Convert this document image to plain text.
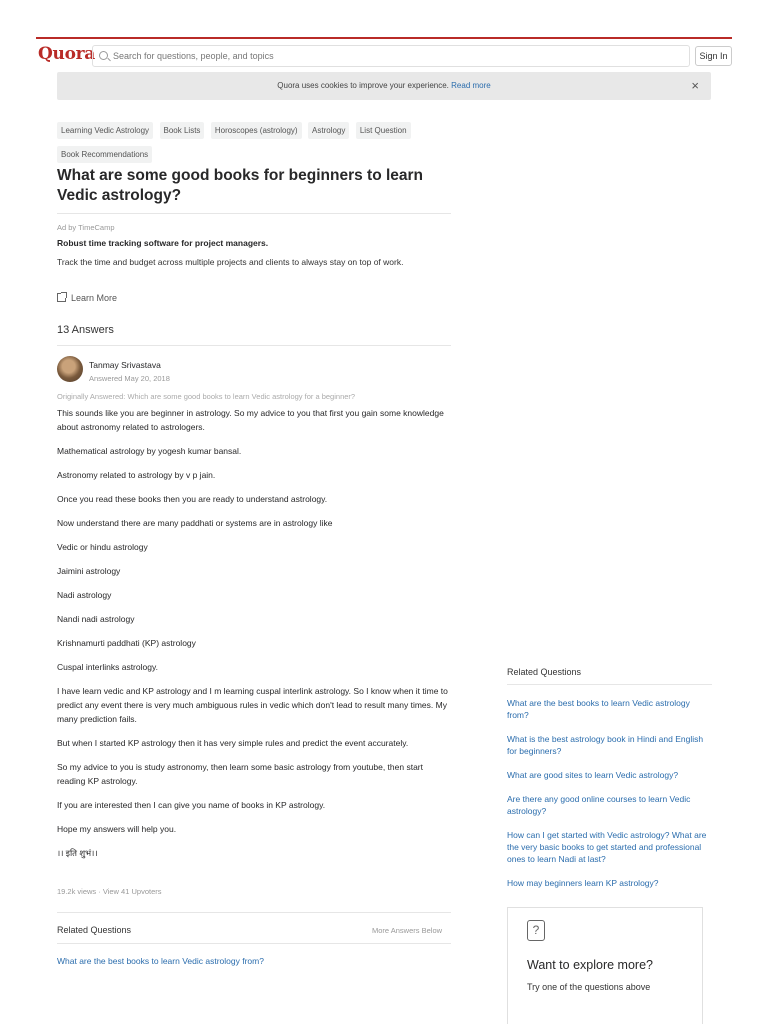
Quora
Search for questions, people, and topics	Sign In
Quora uses cookies to improve your experience. Read more	×
Learning Vedic Astrology Book Lists Horoscopes (astrology) Astrology List Question Book Recommendations
What are some good books for beginners to learn Vedic astrology?
Ad by TimeCamp
Robust time tracking software for project managers.
Track the time and budget across multiple projects and clients to always stay on top of work.
Learn More
13 Answers
Tanmay Srivastava
Answered May 20, 2018
Originally Answered: Which are some good books to learn Vedic astrology for a beginner?

This sounds like you are beginner in astrology. So my advice to you that first you gain some knowledge about astronomy related to astrologers.

Mathematical astrology by yogesh kumar bansal.

Astronomy related to astrology by v p jain.

Once you read these books then you are ready to understand astrology.

Now understand there are many paddhati or systems are in astrology like

Vedic or hindu astrology

Jaimini astrology

Nadi astrology

Nandi nadi astrology

Krishnamurti paddhati (KP) astrology

Cuspal interlinks astrology.

I have learn vedic and KP astrology and I m learning cuspal interlink astrology. So I know when it time to predict any event there is very much ambiguous rules in vedic which don't lead to result many times. My many prediction fails.

But when I started KP astrology then it has very simple rules and predict the event accurately.

So my advice to you is study astronomy, then learn some basic astrology from youtube, then start reading KP astrology.

If you are interested then I can give you name of books in KP astrology.

Hope my answers will help you.

।। इति शुभं।।

19.2k views · View 41 Upvoters
Related Questions	More Answers Below
What are the best books to learn Vedic astrology from?
Related Questions
What are the best books to learn Vedic astrology from?
What is the best astrology book in Hindi and English for beginners?
What are good sites to learn Vedic astrology?
Are there any good online courses to learn Vedic astrology?
How can I get started with Vedic astrology? What are the very basic books to get started and professional ones to learn Nadi at last?
How may beginners learn KP astrology?
?
Want to explore more?
Try one of the questions above
